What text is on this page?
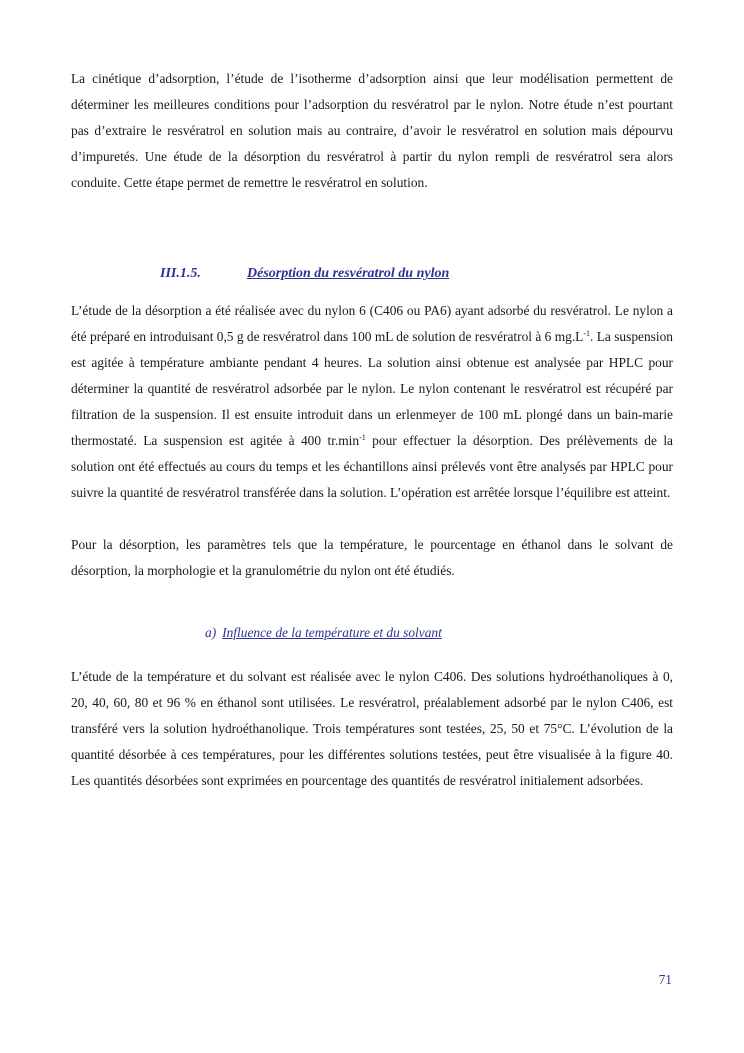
La cinétique d’adsorption, l’étude de l’isotherme d’adsorption ainsi que leur modélisation permettent de déterminer les meilleures conditions pour l’adsorption du resvératrol par le nylon. Notre étude n’est pourtant pas d’extraire le resvératrol en solution mais au contraire, d’avoir le resvératrol en solution mais dépourvu d’impuretés. Une étude de la désorption du resvératrol à partir du nylon rempli de resvératrol sera alors conduite. Cette étape permet de remettre le resvératrol en solution.

III.1.5.	Désorption du resvératrol du nylon

L’étude de la désorption a été réalisée avec du nylon 6 (C406 ou PA6) ayant adsorbé du resvératrol. Le nylon a été préparé en introduisant 0,5 g de resvératrol dans 100 mL de solution de resvératrol à 6 $mg.L^{-1}$. La suspension est agitée à température ambiante pendant 4 heures. La solution ainsi obtenue est analysée par HPLC pour déterminer la quantité de resvératrol adsorbée par le nylon. Le nylon contenant le resvératrol est récupéré par filtration de la suspension. Il est ensuite introduit dans un erlenmeyer de 100 mL plongé dans un bain-marie thermostaté. La suspension est agitée à 400 $tr.\min^{-1}$ pour effectuer la désorption. Des prélèvements de la solution ont été effectués au cours du temps et les échantillons ainsi prélevés vont être analysés par HPLC pour suivre la quantité de resvératrol transférée dans la solution. L’opération est arrêtée lorsque l’équilibre est atteint.

Pour la désorption, les paramètres tels que la température, le pourcentage en éthanol dans le solvant de désorption, la morphologie et la granulométrie du nylon ont été étudiés.

a) Influence de la température et du solvant

L’étude de la température et du solvant est réalisée avec le nylon C406. Des solutions hydroéthanoliques à 0, 20, 40, 60, 80 et 96 % en éthanol sont utilisées. Le resvératrol, préalablement adsorbé par le nylon C406, est transféré vers la solution hydroéthanolique. Trois températures sont testées, 25, 50 et 75°C. L’évolution de la quantité désorbée à ces températures, pour les différentes solutions testées, peut être visualisée à la figure 40. Les quantités désorbées sont exprimées en pourcentage des quantités de resvératrol initialement adsorbées.

71
